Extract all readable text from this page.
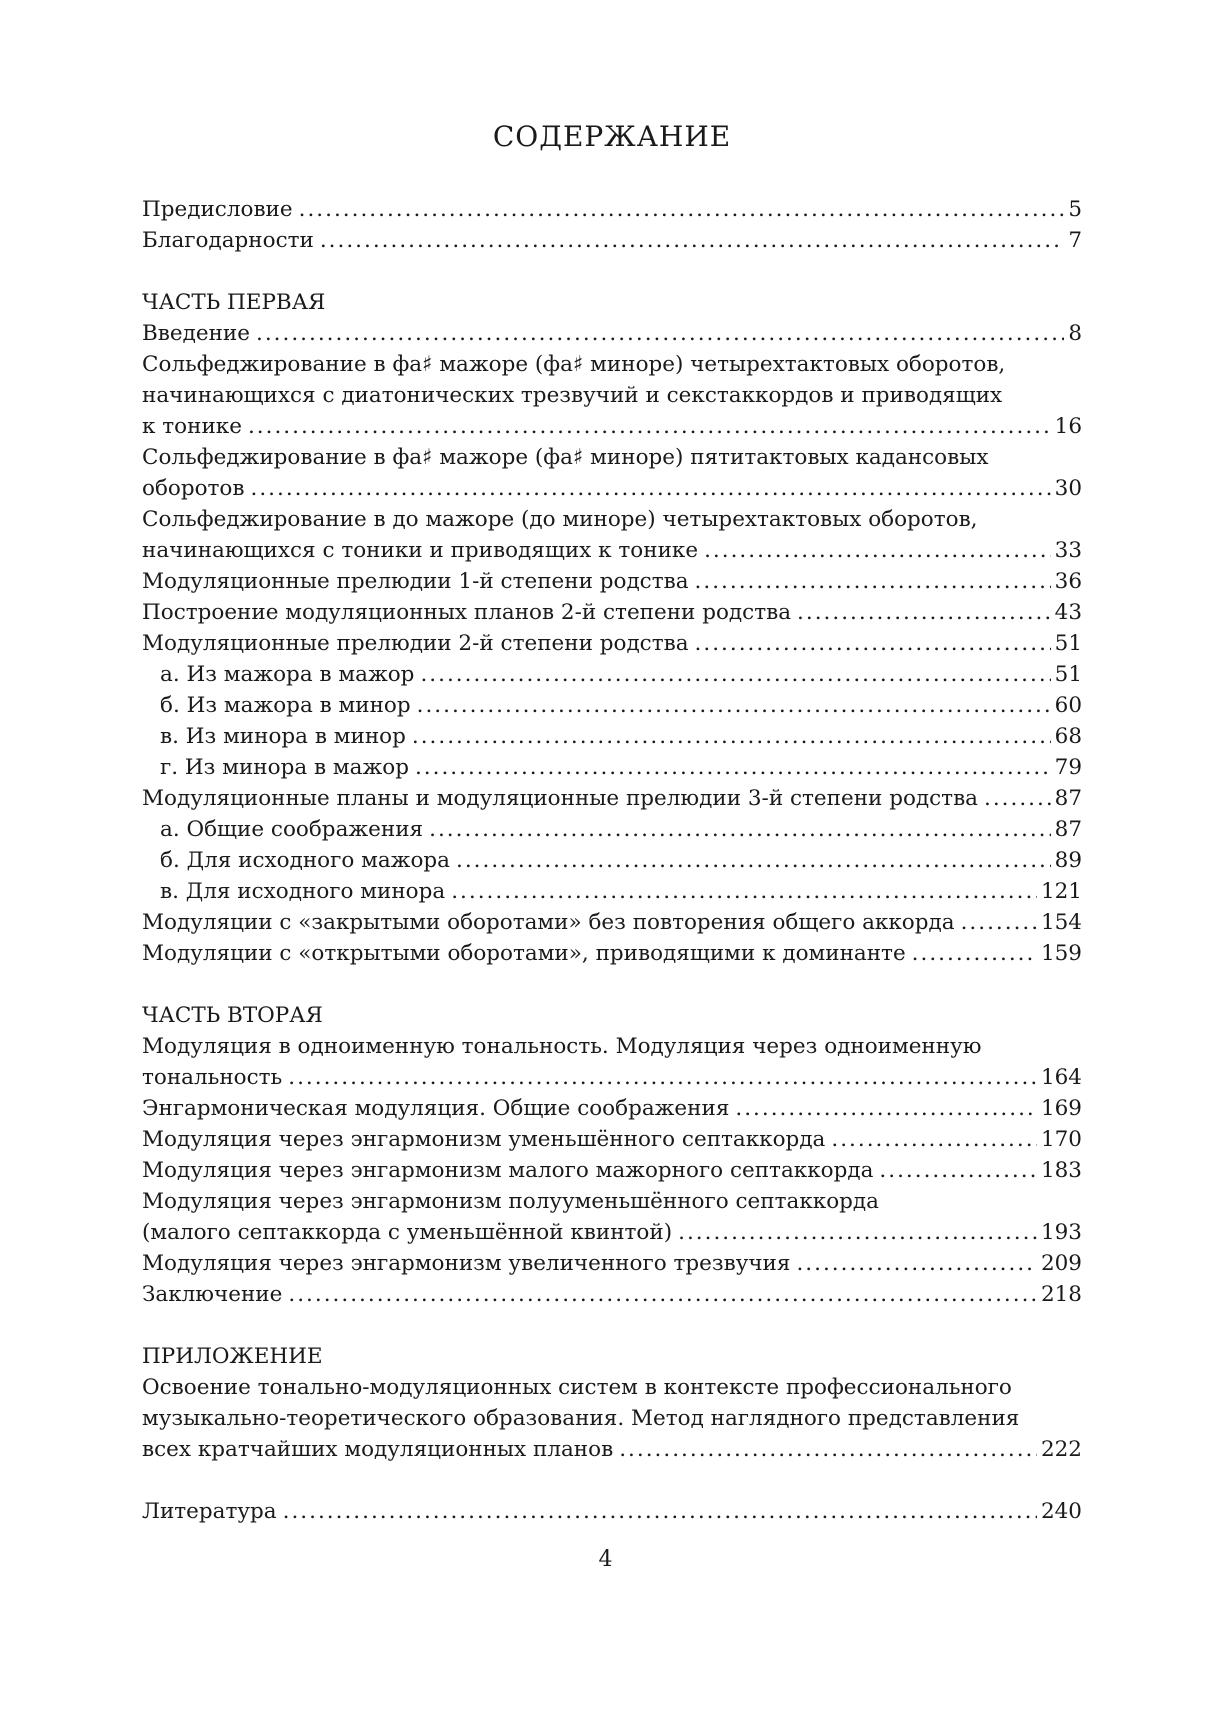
СОДЕРЖАНИЕ
Предисловие .....	5
Благодарности .....	7
ЧАСТЬ ПЕРВАЯ
Введение .....	8
Сольфеджирование в фа♯ мажоре (фа♯ миноре) четырехтактовых оборотов,
начинающихся с диатонических трезвучий и секстаккордов и приводящих
к тонике .....	16
Сольфеджирование в фа♯ мажоре (фа♯ миноре) пятитактовых кадансовых
оборотов .....	30
Сольфеджирование в до мажоре (до миноре) четырехтактовых оборотов,
начинающихся с тоники и приводящих к тонике .....	33
Модуляционные прелюдии 1-й степени родства .....	36
Построение модуляционных планов 2-й степени родства .....	43
Модуляционные прелюдии 2-й степени родства .....	51
а. Из мажора в мажор .....	51
б. Из мажора в минор .....	60
в. Из минора в минор .....	68
г. Из минора в мажор .....	79
Модуляционные планы и модуляционные прелюдии 3-й степени родства .....	87
а. Общие соображения .....	87
б. Для исходного мажора .....	89
в. Для исходного минора .....	121
Модуляции с «закрытыми оборотами» без повторения общего аккорда .....	154
Модуляции с «открытыми оборотами», приводящими к доминанте .....	159
ЧАСТЬ ВТОРАЯ
Модуляция в одноименную тональность. Модуляция через одноименную
тональность .....	164
Энгармоническая модуляция. Общие соображения .....	169
Модуляция через энгармонизм уменьшённого септаккорда .....	170
Модуляция через энгармонизм малого мажорного септаккорда .....	183
Модуляция через энгармонизм полууменьшённого септаккорда
(малого септаккорда с уменьшённой квинтой) .....	193
Модуляция через энгармонизм увеличенного трезвучия .....	209
Заключение .....	218
ПРИЛОЖЕНИЕ
Освоение тонально-модуляционных систем в контексте профессионального
музыкально-теоретического образования. Метод наглядного представления
всех кратчайших модуляционных планов .....	222
Литература .....	240
4
